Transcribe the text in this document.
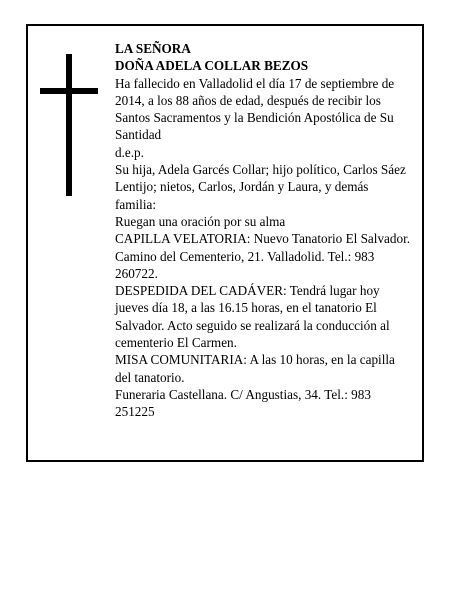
LA SEÑORA

DOÑA ADELA COLLAR BEZOS

Ha fallecido en Valladolid el día 17 de septiembre de 2014, a los 88 años de edad, después de recibir los Santos Sacramentos y la Bendición Apostólica de Su Santidad

d.e.p.

Su hija, Adela Garcés Collar; hijo político, Carlos Sáez Lentijo; nietos, Carlos, Jordán y Laura, y demás familia:

Ruegan una oración por su alma

CAPILLA VELATORIA: Nuevo Tanatorio El Salvador. Camino del Cementerio, 21. Valladolid. Tel.: 983 260722.

DESPEDIDA DEL CADÁVER: Tendrá lugar hoy jueves día 18, a las 16.15 horas, en el tanatorio El Salvador. Acto seguido se realizará la conducción al cementerio El Carmen.

MISA COMUNITARIA: A las 10 horas, en la capilla del tanatorio.

Funeraria Castellana. C/ Angustias, 34. Tel.: 983 251225
